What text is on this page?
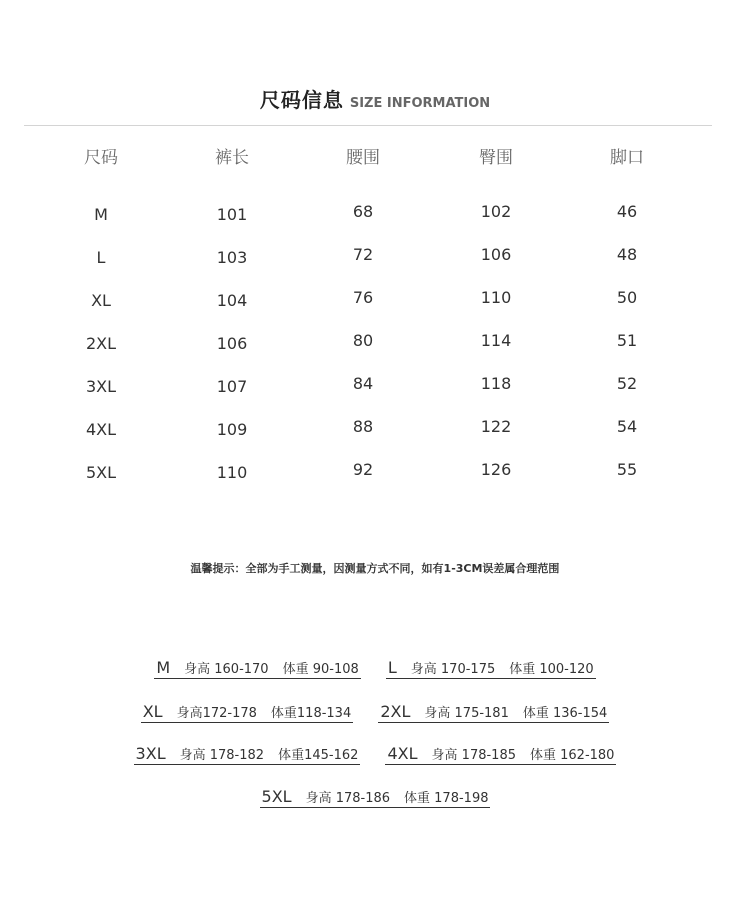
尺码信息 SIZE INFORMATION
尺码	裤长	腰围	臀围	脚口
M	101	68	102	46
L	103	72	106	48
XL	104	76	110	50
2XL	106	80	114	51
3XL	107	84	118	52
4XL	109	88	122	54
5XL	110	92	126	55
温馨提示：全部为手工测量，因测量方式不同，如有1-3CM误差属合理范围
M 身高 160-170 体重 90-108 L 身高 170-175 体重 100-120
XL 身高172-178 体重118-134 2XL 身高 175-181 体重 136-154
3XL 身高 178-182 体重145-162 4XL 身高 178-185 体重 162-180
5XL 身高 178-186 体重 178-198
